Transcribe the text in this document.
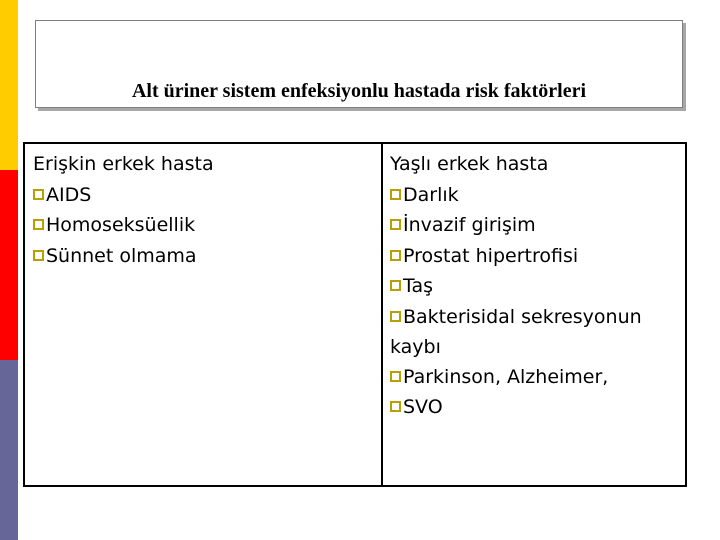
Alt üriner sistem enfeksiyonlu hastada risk faktörleri
Erişkin erkek hasta
AIDS
Homoseksüellik
Sünnet olmama
Yaşlı erkek hasta
Darlık
İnvazif girişim
Prostat hipertrofisi
Taş
Bakterisidal sekresyonun kaybı
Parkinson, Alzheimer,
SVO
